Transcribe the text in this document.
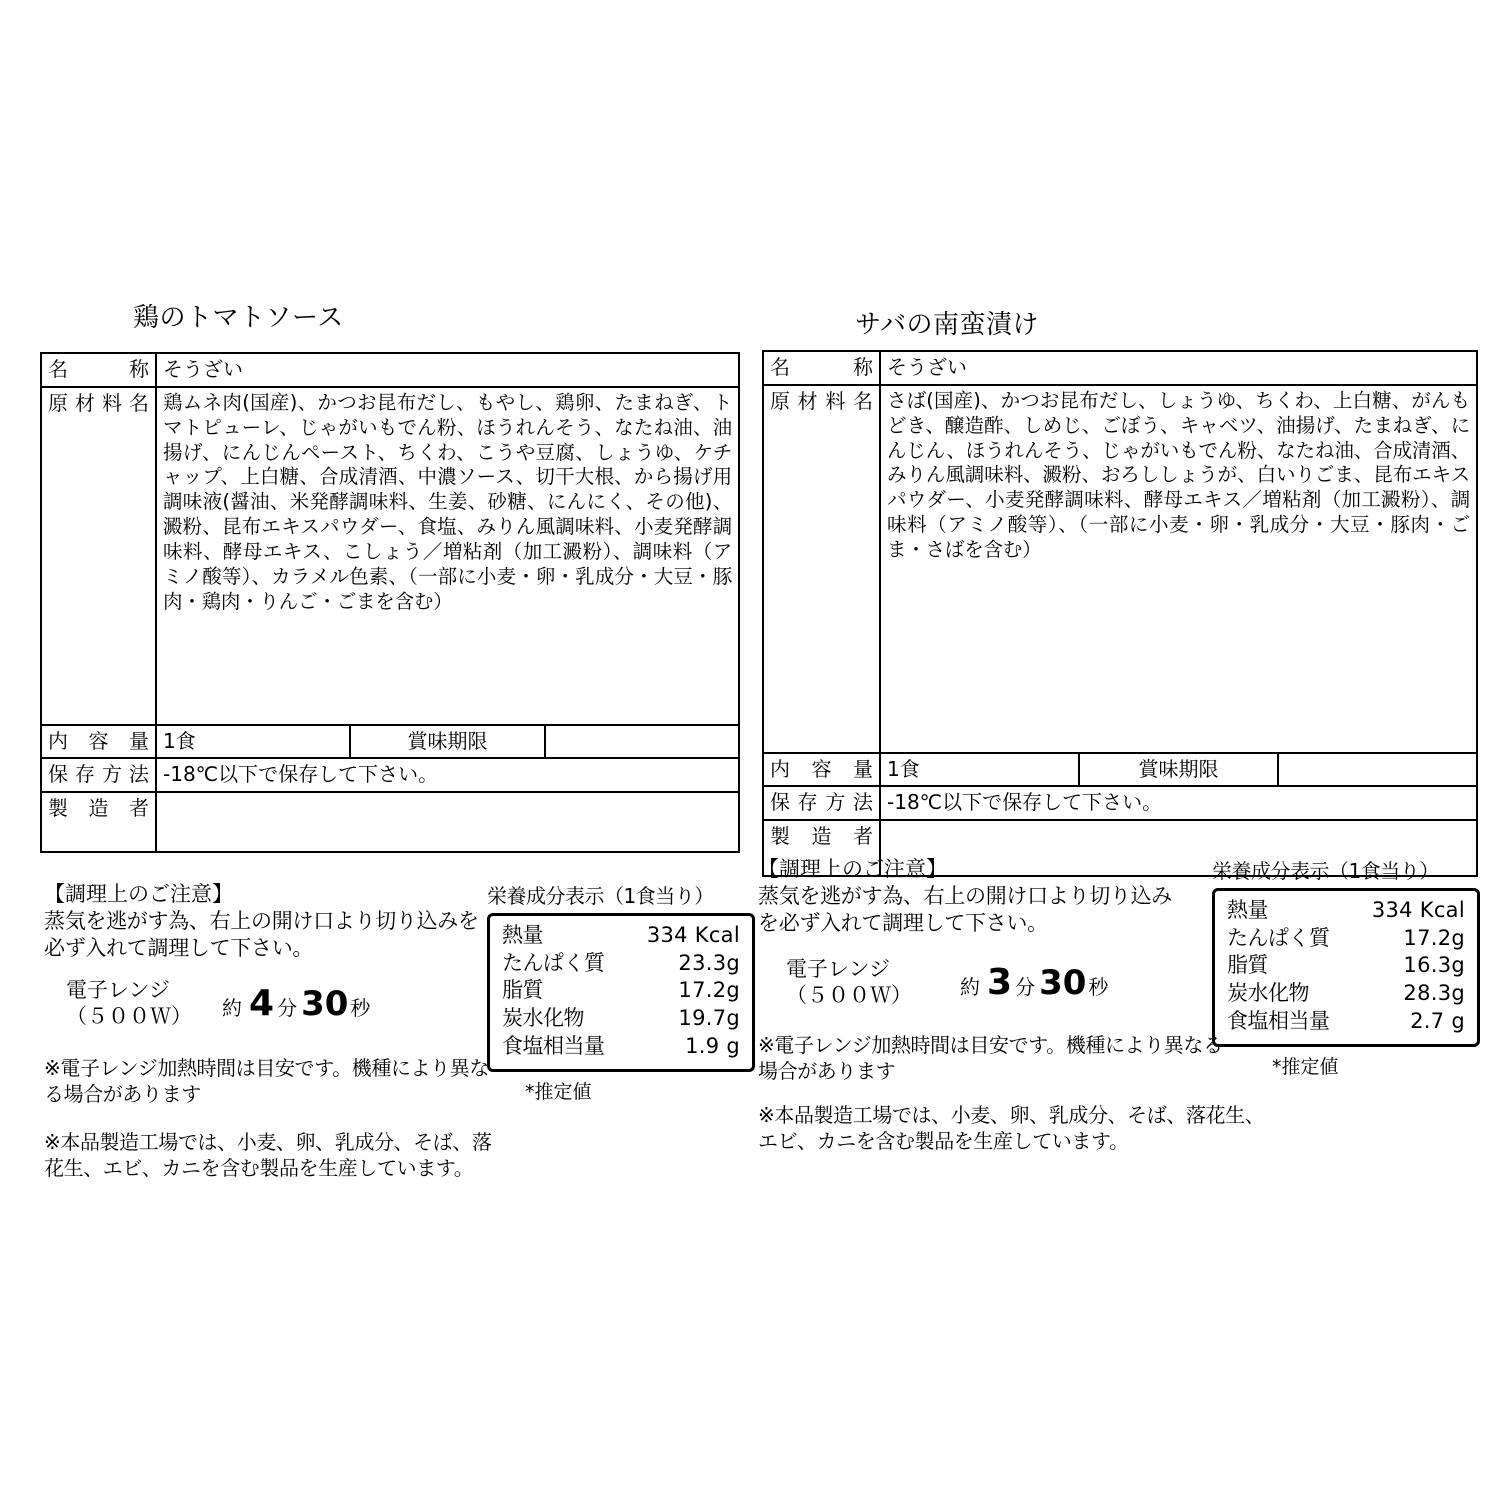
鶏のトマトソース
名　称	そうざい		
原材料名	鶏ムネ肉(国産)、かつお昆布だし、もやし、鶏卵、たまねぎ、トマトピューレ、じゃがいもでん粉、ほうれんそう、なたね油、油揚げ、にんじんペースト、ちくわ、こうや豆腐、しょうゆ、ケチャップ、上白糖、合成清酒、中濃ソース、切干大根、から揚げ用調味液(醤油、米発酵調味料、生姜、砂糖、にんにく、その他)、澱粉、昆布エキスパウダー、食塩、みりん風調味料、小麦発酵調味料、酵母エキス、こしょう／増粘剤（加工澱粉）、調味料（アミノ酸等）、カラメル色素、（一部に小麦・卵・乳成分・大豆・豚肉・鶏肉・りんご・ごまを含む）		
内 容 量	1食	賞味期限	
保存方法	-18℃以下で保存して下さい。		
製 造 者			
【調理上のご注意】
蒸気を逃がす為、右上の開け口より切り込みを必ず入れて調理して下さい。
電子レンジ
（５００Ｗ） 約 4 分 30 秒
※電子レンジ加熱時間は目安です。機種により異なる場合があります
※本品製造工場では、小麦、卵、乳成分、そば、落花生、エビ、カニを含む製品を生産しています。
栄養成分表示（1食当り）
熱量	334 Kcal
たんぱく質	23.3g
脂質	17.2g
炭水化物	19.7g
食塩相当量	1.9 g
*推定値
サバの南蛮漬け
名　称	そうざい		
原材料名	さば(国産)、かつお昆布だし、しょうゆ、ちくわ、上白糖、がんもどき、醸造酢、しめじ、ごぼう、キャベツ、油揚げ、たまねぎ、にんじん、ほうれんそう、じゃがいもでん粉、なたね油、合成清酒、みりん風調味料、澱粉、おろししょうが、白いりごま、昆布エキスパウダー、小麦発酵調味料、酵母エキス／増粘剤（加工澱粉）、調味料（アミノ酸等）、（一部に小麦・卵・乳成分・大豆・豚肉・ごま・さばを含む）		
内 容 量	1食	賞味期限	
保存方法	-18℃以下で保存して下さい。		
製 造 者			
【調理上のご注意】
蒸気を逃がす為、右上の開け口より切り込みを必ず入れて調理して下さい。
電子レンジ
（５００Ｗ） 約 3 分 30 秒
※電子レンジ加熱時間は目安です。機種により異なる場合があります
※本品製造工場では、小麦、卵、乳成分、そば、落花生、エビ、カニを含む製品を生産しています。
栄養成分表示（1食当り）
熱量	334 Kcal
たんぱく質	17.2g
脂質	16.3g
炭水化物	28.3g
食塩相当量	2.7 g
*推定値
